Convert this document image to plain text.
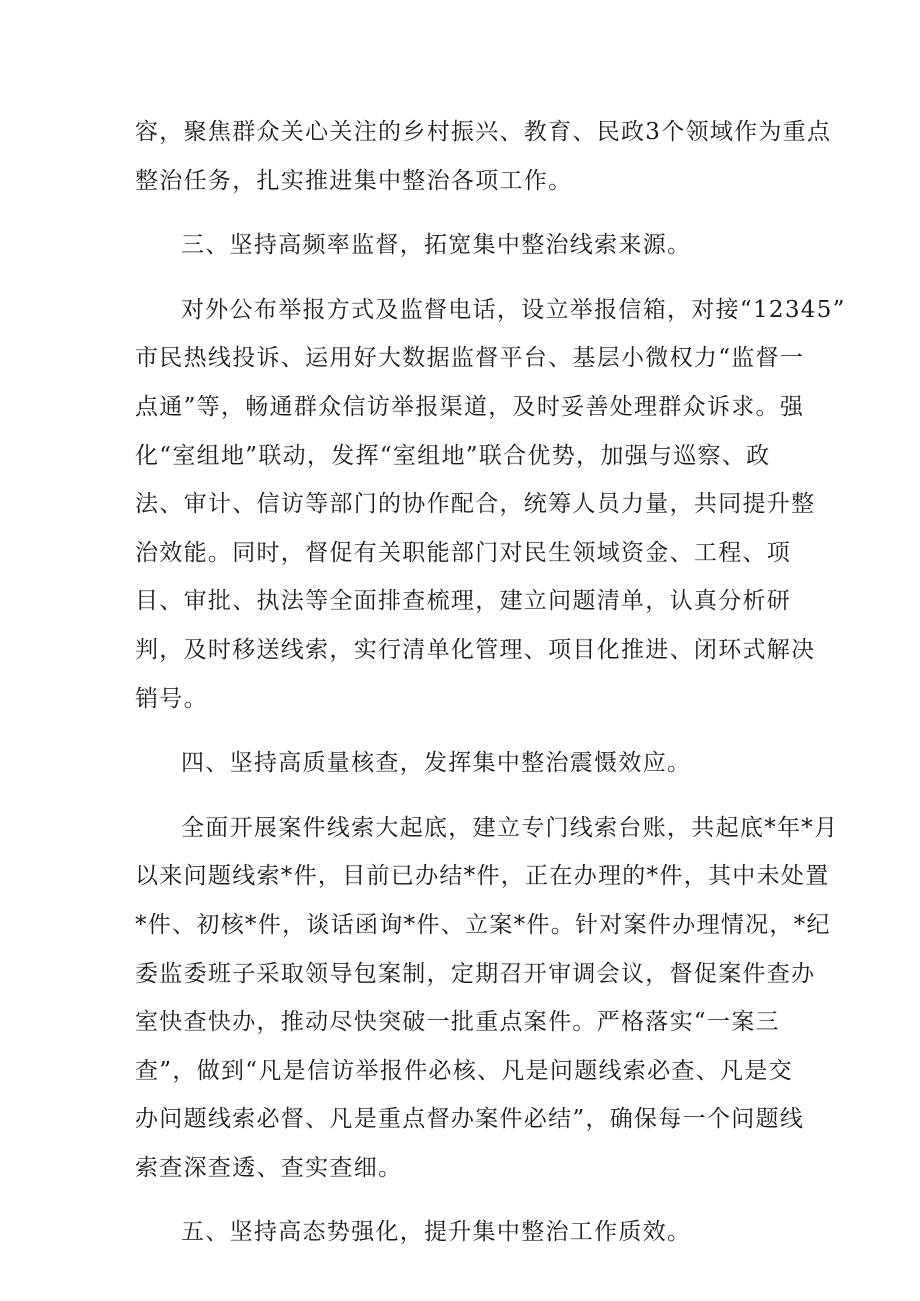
容，聚焦群众关心关注的乡村振兴、教育、民政3个领域作为重点
整治任务，扎实推进集中整治各项工作。
三、坚持高频率监督，拓宽集中整治线索来源。
对外公布举报方式及监督电话，设立举报信箱，对接“12345”
市民热线投诉、运用好大数据监督平台、基层小微权力“监督一
点通”等，畅通群众信访举报渠道，及时妥善处理群众诉求。强
化“室组地”联动，发挥“室组地”联合优势，加强与巡察、政
法、审计、信访等部门的协作配合，统筹人员力量，共同提升整
治效能。同时，督促有关职能部门对民生领域资金、工程、项
目、审批、执法等全面排查梳理，建立问题清单，认真分析研
判，及时移送线索，实行清单化管理、项目化推进、闭环式解决
销号。
四、坚持高质量核查，发挥集中整治震慑效应。
全面开展案件线索大起底，建立专门线索台账，共起底*年*月
以来问题线索*件，目前已办结*件，正在办理的*件，其中未处置
*件、初核*件，谈话函询*件、立案*件。针对案件办理情况，*纪
委监委班子采取领导包案制，定期召开审调会议，督促案件查办
室快查快办，推动尽快突破一批重点案件。严格落实“一案三
查”，做到“凡是信访举报件必核、凡是问题线索必查、凡是交
办问题线索必督、凡是重点督办案件必结”，确保每一个问题线
索查深查透、查实查细。
五、坚持高态势强化，提升集中整治工作质效。
